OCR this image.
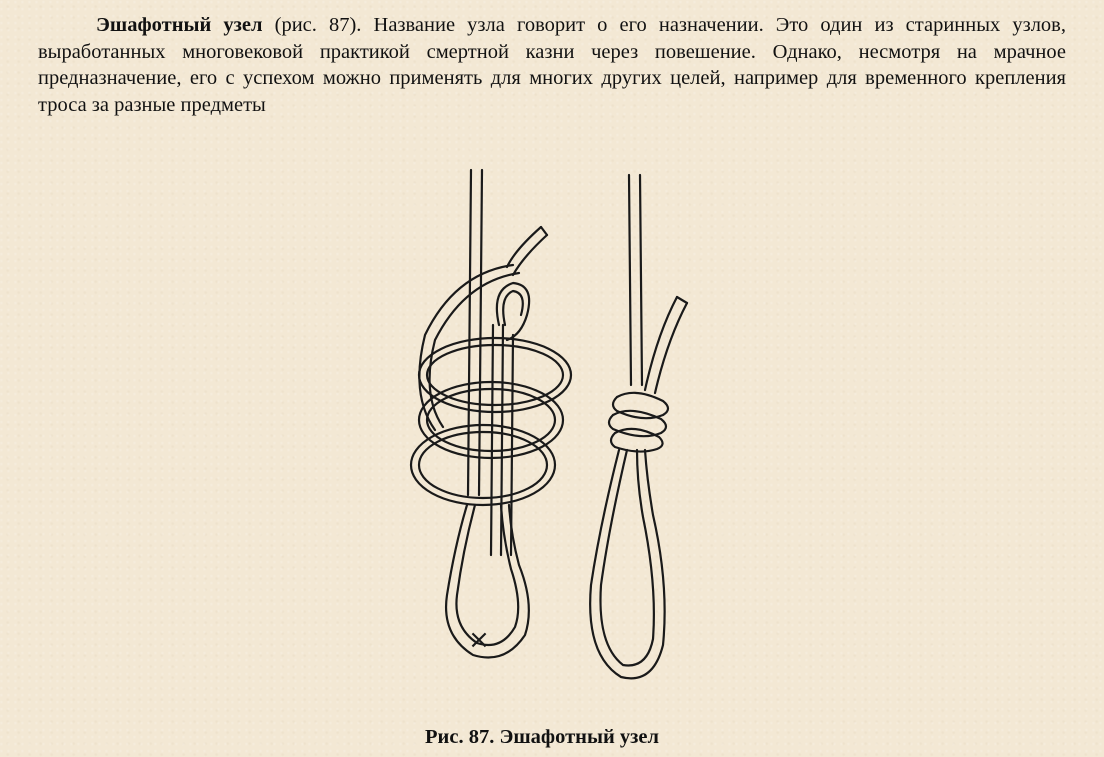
Эшафотный узел (рис. 87). Название узла говорит о его назначении. Это один из старинных узлов, выработанных многовековой практикой смертной казни через повешение. Однако, несмотря на мрачное предназначение, его с успехом можно применять для многих других целей, например для временного крепления троса за разные предметы

×

Рис. 87. Эшафотный узел
